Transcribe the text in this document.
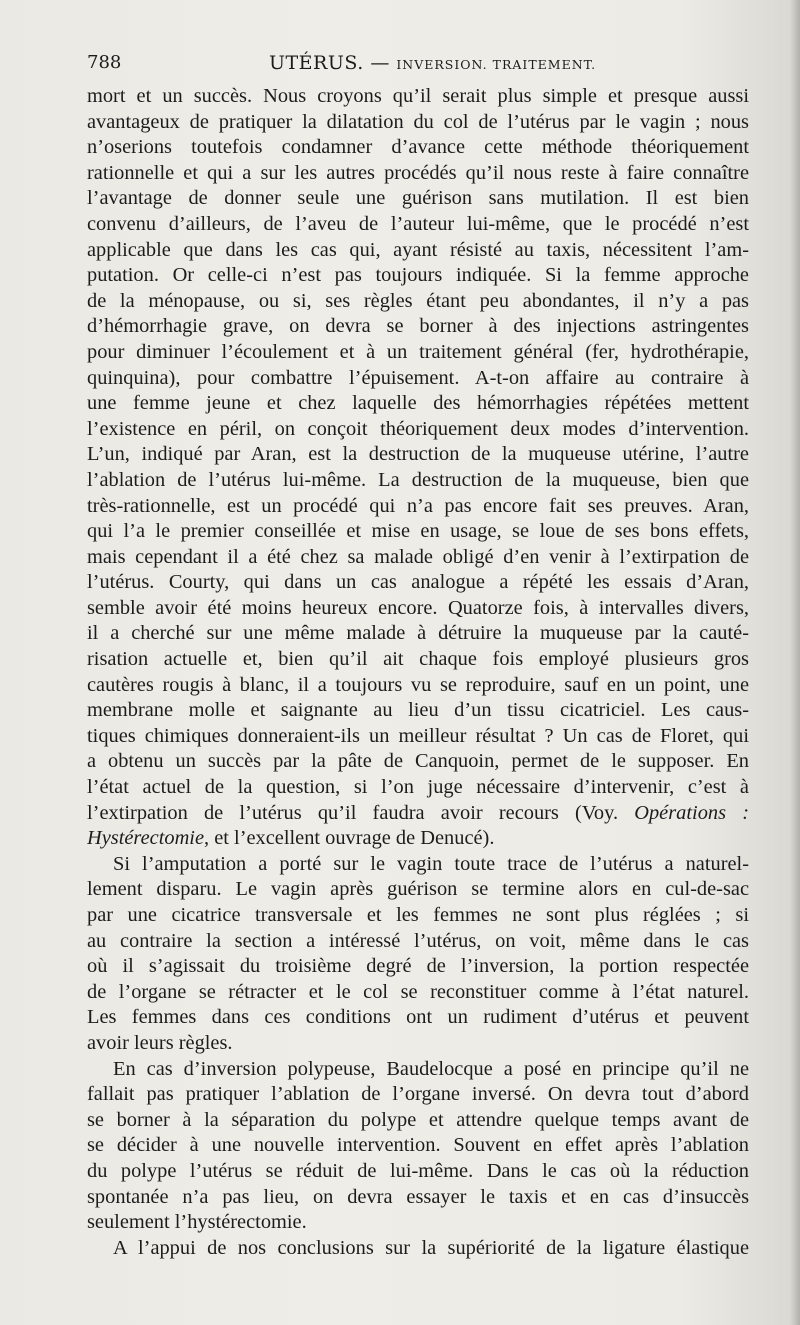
788	UTÉRUS. — INVERSION. TRAITEMENT.

mort et un succès. Nous croyons qu’il serait plus simple et presque aussi
avantageux de pratiquer la dilatation du col de l’utérus par le vagin ; nous
n’oserions toutefois condamner d’avance cette méthode théoriquement
rationnelle et qui a sur les autres procédés qu’il nous reste à faire connaître
l’avantage de donner seule une guérison sans mutilation. Il est bien
convenu d’ailleurs, de l’aveu de l’auteur lui-même, que le procédé n’est
applicable que dans les cas qui, ayant résisté au taxis, nécessitent l’am-
putation. Or celle-ci n’est pas toujours indiquée. Si la femme approche
de la ménopause, ou si, ses règles étant peu abondantes, il n’y a pas
d’hémorrhagie grave, on devra se borner à des injections astringentes
pour diminuer l’écoulement et à un traitement général (fer, hydrothérapie,
quinquina), pour combattre l’épuisement. A-t-on affaire au contraire à
une femme jeune et chez laquelle des hémorrhagies répétées mettent
l’existence en péril, on conçoit théoriquement deux modes d’intervention.
L’un, indiqué par Aran, est la destruction de la muqueuse utérine, l’autre
l’ablation de l’utérus lui-même. La destruction de la muqueuse, bien que
très-rationnelle, est un procédé qui n’a pas encore fait ses preuves. Aran,
qui l’a le premier conseillée et mise en usage, se loue de ses bons effets,
mais cependant il a été chez sa malade obligé d’en venir à l’extirpation de
l’utérus. Courty, qui dans un cas analogue a répété les essais d’Aran,
semble avoir été moins heureux encore. Quatorze fois, à intervalles divers,
il a cherché sur une même malade à détruire la muqueuse par la cauté-
risation actuelle et, bien qu’il ait chaque fois employé plusieurs gros
cautères rougis à blanc, il a toujours vu se reproduire, sauf en un point, une
membrane molle et saignante au lieu d’un tissu cicatriciel. Les caus-
tiques chimiques donneraient-ils un meilleur résultat ? Un cas de Floret, qui
a obtenu un succès par la pâte de Canquoin, permet de le supposer. En
l’état actuel de la question, si l’on juge nécessaire d’intervenir, c’est à
l’extirpation de l’utérus qu’il faudra avoir recours (Voy. Opérations :
Hystérectomie, et l’excellent ouvrage de Denucé).

Si l’amputation a porté sur le vagin toute trace de l’utérus a naturel-
lement disparu. Le vagin après guérison se termine alors en cul-de-sac
par une cicatrice transversale et les femmes ne sont plus réglées ; si
au contraire la section a intéressé l’utérus, on voit, même dans le cas
où il s’agissait du troisième degré de l’inversion, la portion respectée
de l’organe se rétracter et le col se reconstituer comme à l’état naturel.
Les femmes dans ces conditions ont un rudiment d’utérus et peuvent
avoir leurs règles.

En cas d’inversion polypeuse, Baudelocque a posé en principe qu’il ne
fallait pas pratiquer l’ablation de l’organe inversé. On devra tout d’abord
se borner à la séparation du polype et attendre quelque temps avant de
se décider à une nouvelle intervention. Souvent en effet après l’ablation
du polype l’utérus se réduit de lui-même. Dans le cas où la réduction
spontanée n’a pas lieu, on devra essayer le taxis et en cas d’insuccès
seulement l’hystérectomie.

A l’appui de nos conclusions sur la supériorité de la ligature élastique
